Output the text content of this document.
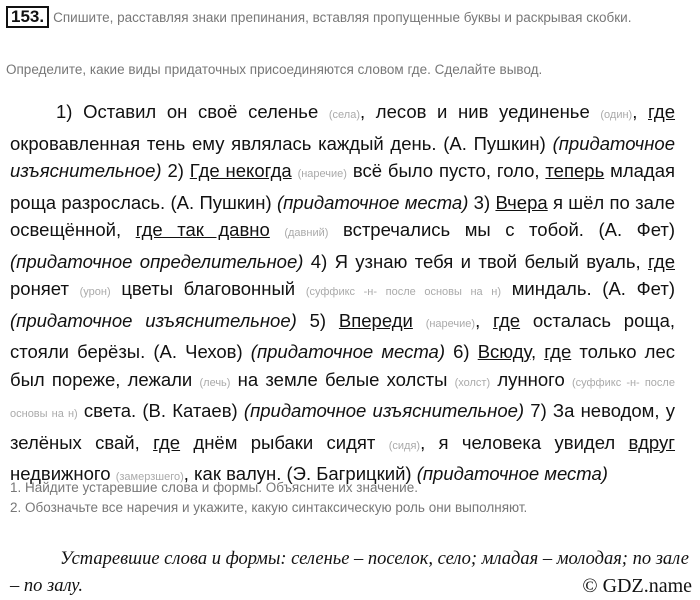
153. Спишите, расставляя знаки препинания, вставляя пропущенные буквы и раскрывая скобки.
Определите, какие виды придаточных присоединяются словом где. Сделайте вывод.
1) Оставил он своё селенье (села), лесов и нив уединенье (один), где окровавленная тень ему являлась каждый день. (А. Пушкин) (придаточное изъяснительное) 2) Где некогда (наречие) всё было пусто, голо, теперь младая роща разрослась. (А. Пушкин) (придаточное места) 3) Вчера я шёл по зале освещённой, где так давно (давний) встречались мы с тобой. (А. Фет) (придаточное определительное) 4) Я узнаю тебя и твой белый вуаль, где роняет (урон) цветы благовонный (суффикс -н- после основы на н) миндаль. (А. Фет) (придаточное изъяснительное) 5) Впереди (наречие), где осталась роща, стояли берёзы. (А. Чехов) (придаточное места) 6) Всюду, где только лес был пореже, лежали (лечь) на земле белые холсты (холст) лунного (суффикс -н- после основы на н) света. (В. Катаев) (придаточное изъяснительное) 7) За неводом, у зелёных свай, где днём рыбаки сидят (сидя), я человека увидел вдруг недвижного (замерзшего), как валун. (Э. Багрицкий) (придаточное места)
1. Найдите устаревшие слова и формы. Объясните их значение.
2. Обозначьте все наречия и укажите, какую синтаксическую роль они выполняют.
Устаревшие слова и формы: селенье – поселок, село; младая – молодая; по зале – по залу.	© GDZ.name
